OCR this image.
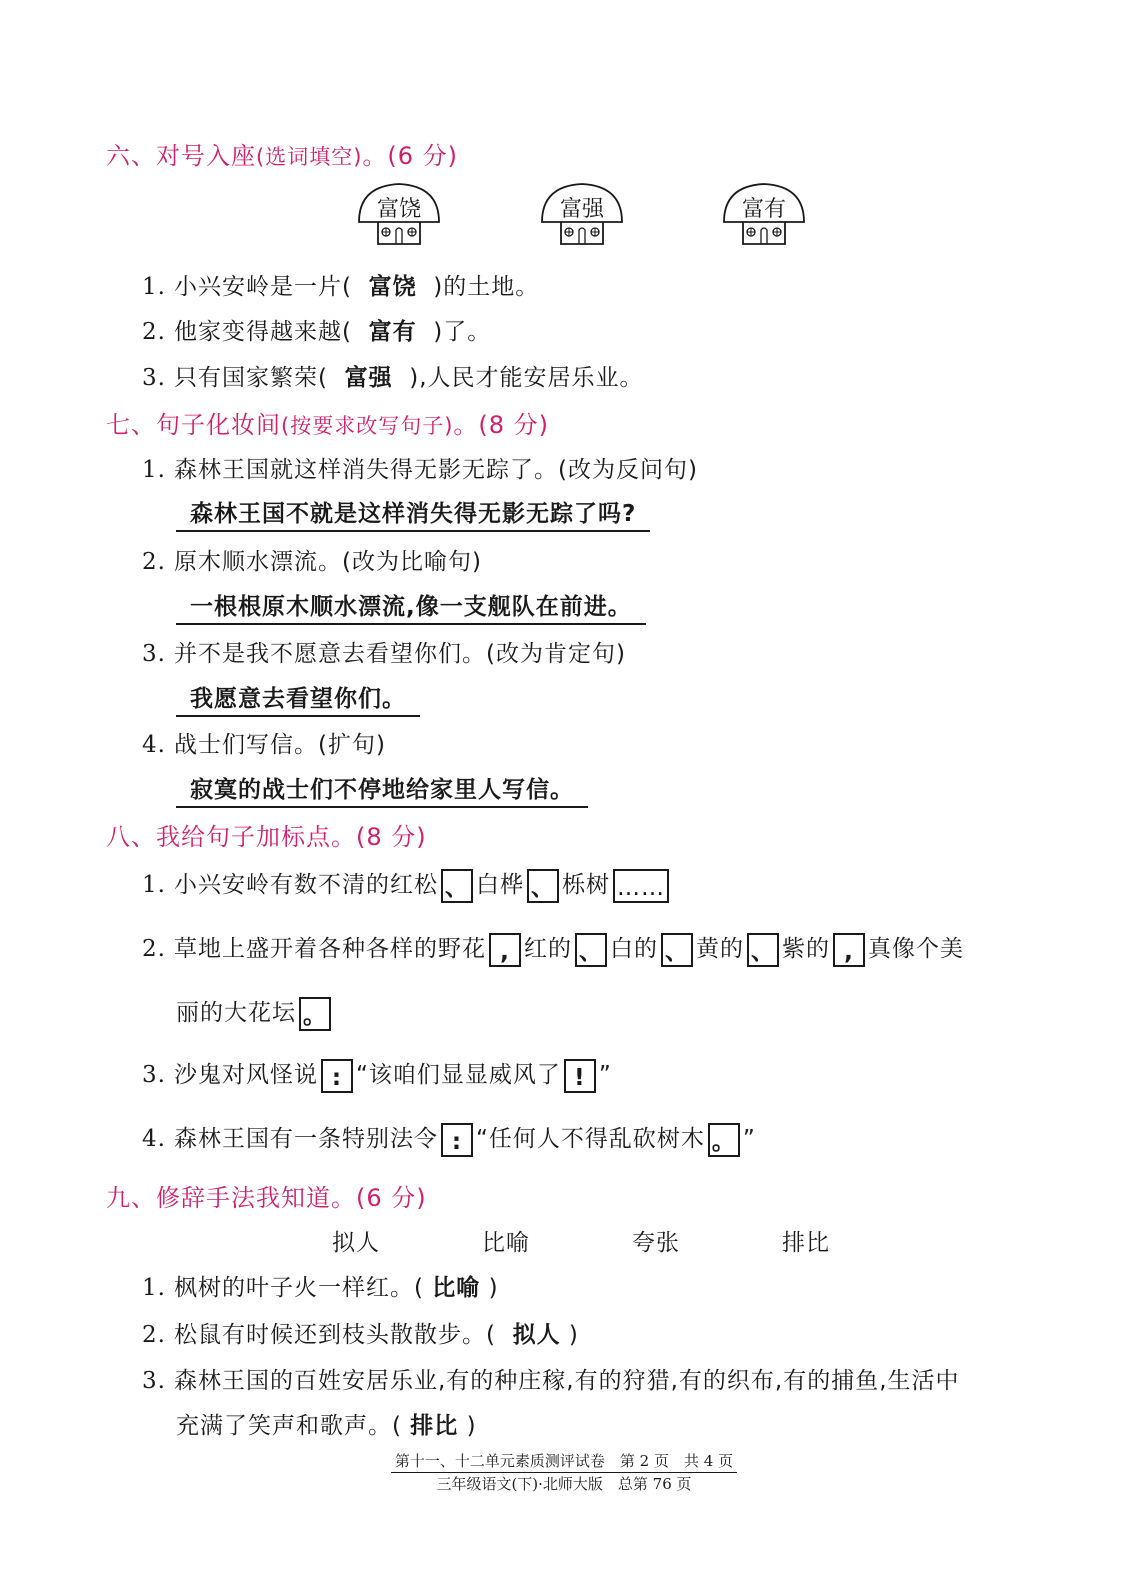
六、对号入座(选词填空)。(6 分)
富饶	富强	富有
1. 小兴安岭是一片( 富饶 )的土地。
2. 他家变得越来越( 富有 )了。
3. 只有国家繁荣( 富强 ),人民才能安居乐业。
七、句子化妆间(按要求改写句子)。(8 分)
1. 森林王国就这样消失得无影无踪了。(改为反问句)
森林王国不就是这样消失得无影无踪了吗?
2. 原木顺水漂流。(改为比喻句)
一根根原木顺水漂流,像一支舰队在前进。
3. 并不是我不愿意去看望你们。(改为肯定句)
我愿意去看望你们。
4. 战士们写信。(扩句)
寂寞的战士们不停地给家里人写信。
八、我给句子加标点。(8 分)
1. 小兴安岭有数不清的红松 、 白桦 、 栎树 ……
2. 草地上盛开着各种各样的野花 , 红的 、 白的 、 黄的 、 紫的 , 真像个美
丽的大花坛 。
3. 沙鬼对风怪说 : “该咱们显显威风了 ! ”
4. 森林王国有一条特别法令 : “任何人不得乱砍树木 。 ”
九、修辞手法我知道。(6 分)
拟人	比喻	夸张	排比
1. 枫树的叶子火一样红。( 比喻 )
2. 松鼠有时候还到枝头散散步。( 拟人 )
3. 森林王国的百姓安居乐业,有的种庄稼,有的狩猎,有的织布,有的捕鱼,生活中
充满了笑声和歌声。( 排比 )
第十一、十二单元素质测评试卷　第 2 页　共 4 页
三年级语文(下)·北师大版　总第 76 页
